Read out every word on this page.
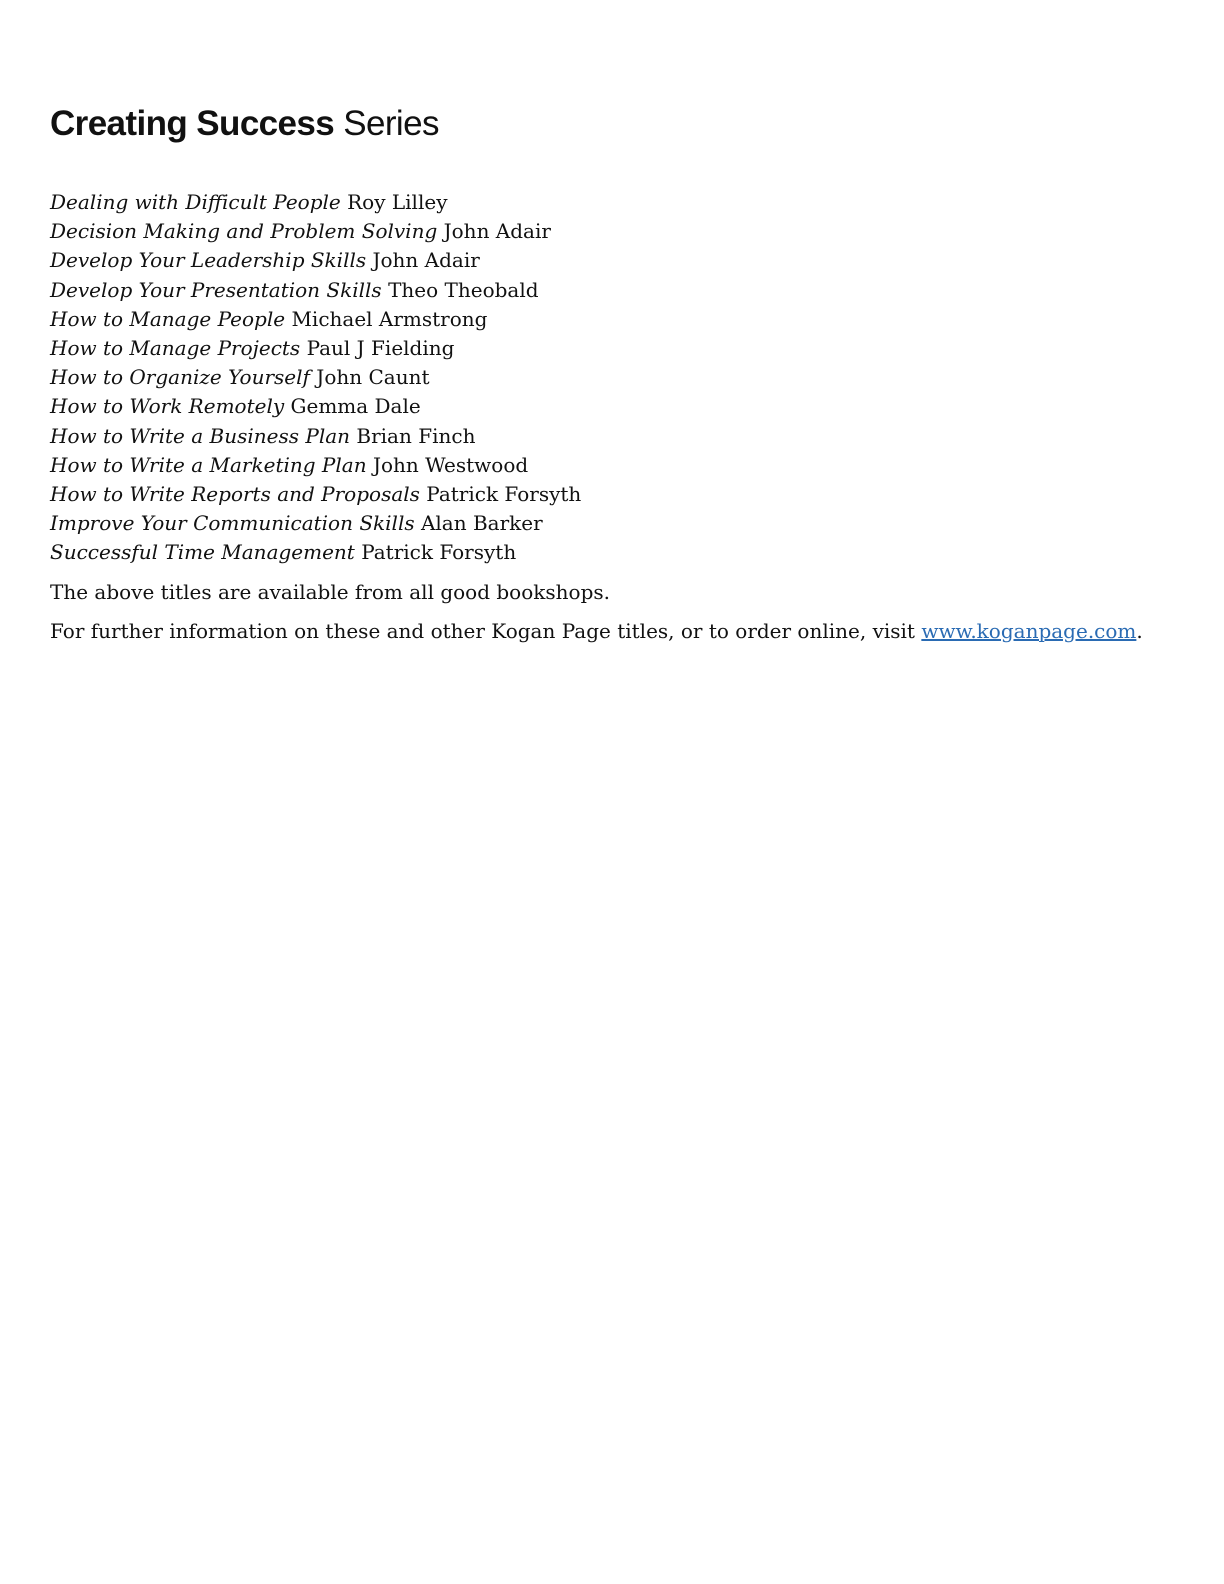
Creating Success Series
Dealing with Difficult People Roy Lilley
Decision Making and Problem Solving John Adair
Develop Your Leadership Skills John Adair
Develop Your Presentation Skills Theo Theobald
How to Manage People Michael Armstrong
How to Manage Projects Paul J Fielding
How to Organize Yourself John Caunt
How to Work Remotely Gemma Dale
How to Write a Business Plan Brian Finch
How to Write a Marketing Plan John Westwood
How to Write Reports and Proposals Patrick Forsyth
Improve Your Communication Skills Alan Barker
Successful Time Management Patrick Forsyth

The above titles are available from all good bookshops.

For further information on these and other Kogan Page titles, or to order online, visit www.koganpage.com.
